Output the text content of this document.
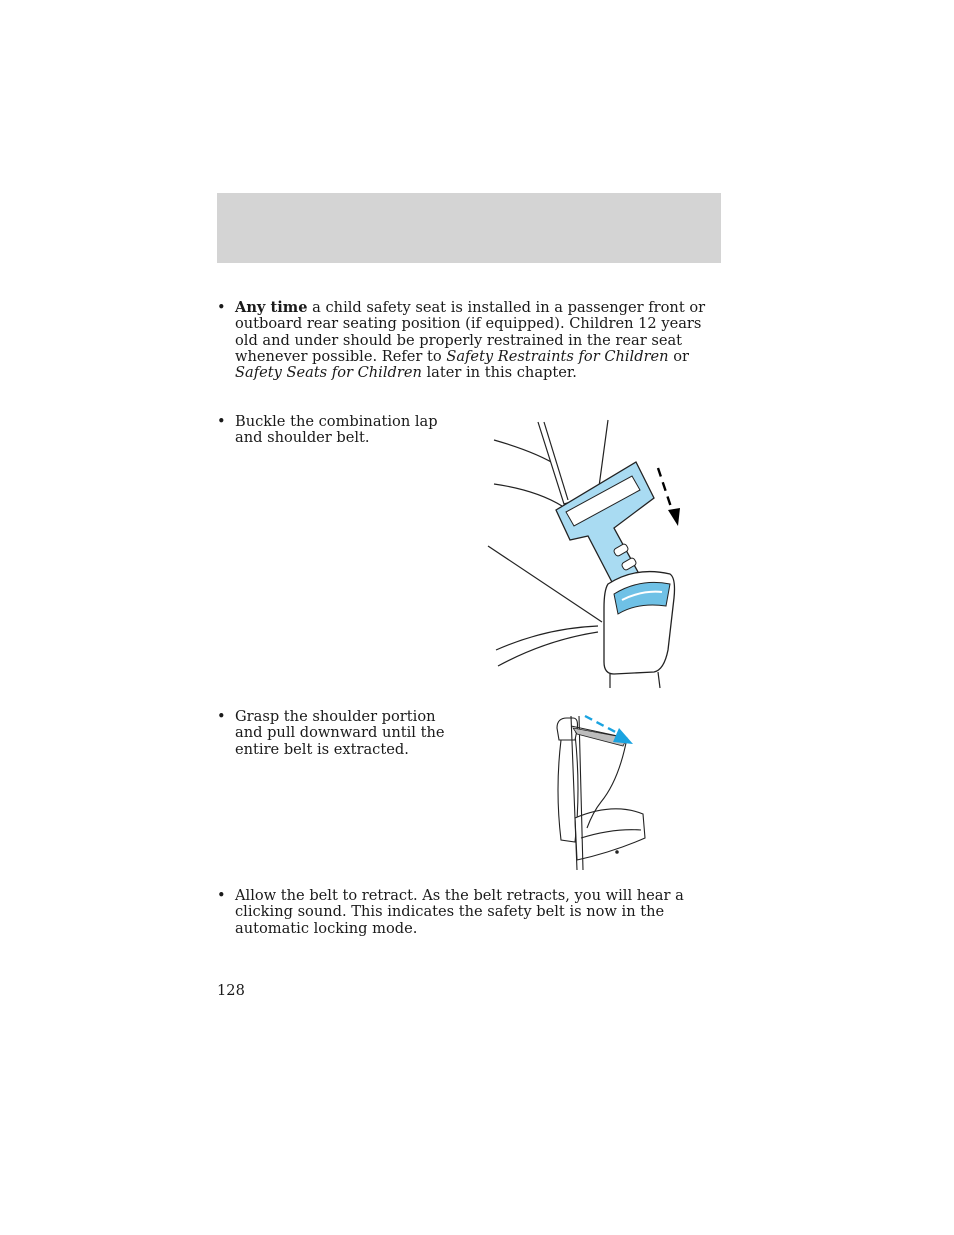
• Any time a child safety seat is installed in a passenger front or outboard rear seating position (if equipped). Children 12 years old and under should be properly restrained in the rear seat whenever possible. Refer to Safety Restraints for Children or Safety Seats for Children later in this chapter.
• Buckle the combination lap and shoulder belt.
• Grasp the shoulder portion and pull downward until the entire belt is extracted.
• Allow the belt to retract. As the belt retracts, you will hear a clicking sound. This indicates the safety belt is now in the automatic locking mode.
128
